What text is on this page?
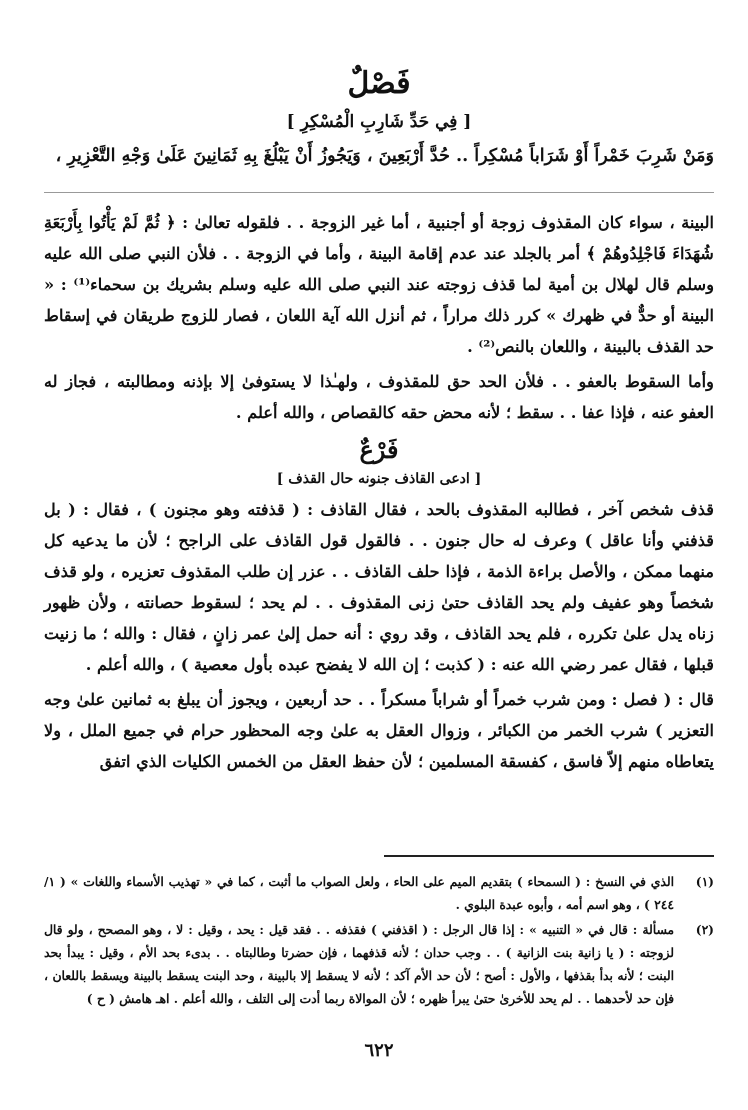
فَصْلٌ
[ فِي حَدِّ شَارِبِ الْمُسْكِرِ ]
وَمَنْ شَرِبَ خَمْراً أَوْ شَرَاباً مُسْكِراً .. حُدَّ أَرْبَعِينَ ، وَيَجُوزُ أَنْ يَبْلُغَ بِهِ ثَمَانِينَ عَلَىٰ وَجْهِ التَّعْزِيرِ ،
البينة ، سواء كان المقذوف زوجة أو أجنبية ، أما غير الزوجة . . فلقوله تعالىٰ : ﴿ ثُمَّ لَمْ يَأْتُوا بِأَرْبَعَةِ شُهَدَاءَ فَاجْلِدُوهُمْ ﴾ أمر بالجلد عند عدم إقامة البينة ، وأما في الزوجة . . فلأن النبي صلى الله عليه وسلم قال لهلال بن أمية لما قذف زوجته عند النبي صلى الله عليه وسلم بشريك بن سحماء⁽¹⁾ : « البينة أو حدٌّ في ظهرك » كرر ذلك مراراً ، ثم أنزل الله آية اللعان ، فصار للزوج طريقان في إسقاط حد القذف بالبينة ، واللعان بالنص⁽²⁾ .
وأما السقوط بالعفو . . فلأن الحد حق للمقذوف ، ولهـٰذا لا يستوفىٰ إلا بإذنه ومطالبته ، فجاز له العفو عنه ، فإذا عفا . . سقط ؛ لأنه محض حقه كالقصاص ، والله أعلم .
فَرْعٌ
[ ادعى القاذف جنونه حال القذف ]
قذف شخص آخر ، فطالبه المقذوف بالحد ، فقال القاذف : ( قذفته وهو مجنون ) ، فقال : ( بل قذفني وأنا عاقل ) وعرف له حال جنون . . فالقول قول القاذف على الراجح ؛ لأن ما يدعيه كل منهما ممكن ، والأصل براءة الذمة ، فإذا حلف القاذف . . عزر إن طلب المقذوف تعزيره ، ولو قذف شخصاً وهو عفيف ولم يحد القاذف حتىٰ زنى المقذوف . . لم يحد ؛ لسقوط حصانته ، ولأن ظهور زناه يدل علىٰ تكرره ، فلم يحد القاذف ، وقد روي : أنه حمل إلىٰ عمر زانٍ ، فقال : والله ؛ ما زنيت قبلها ، فقال عمر رضي الله عنه : ( كذبت ؛ إن الله لا يفضح عبده بأول معصية ) ، والله أعلم .
قال : ( فصل : ومن شرب خمراً أو شراباً مسكراً . . حد أربعين ، ويجوز أن يبلغ به ثمانين علىٰ وجه التعزير ) شرب الخمر من الكبائر ، وزوال العقل به علىٰ وجه المحظور حرام في جميع الملل ، ولا يتعاطاه منهم إلاّ فاسق ، كفسقة المسلمين ؛ لأن حفظ العقل من الخمس الكليات الذي اتفق
(١)
الذي في النسخ : ( السمحاء ) بتقديم الميم على الحاء ، ولعل الصواب ما أثبت ، كما في « تهذيب الأسماء واللغات » ( ١/ ٢٤٤ ) ، وهو اسم أمه ، وأبوه عبدة البلوي .
(٢)
مسألة : قال في « التنبيه » : إذا قال الرجل : ( اقذفني ) فقذفه . . فقد قيل : يحد ، وقيل : لا ، وهو المصحح ، ولو قال لزوجته : ( يا زانية بنت الزانية ) . . وجب حدان ؛ لأنه قذفهما ، فإن حضرتا وطالبتاه . . بدىء بحد الأم ، وقيل : يبدأ بحد البنت ؛ لأنه بدأ بقذفها ، والأول : أصح ؛ لأن حد الأم آكد ؛ لأنه لا يسقط إلا بالبينة ، وحد البنت يسقط بالبينة ويسقط باللعان ، فإن حد لأحدهما . . لم يحد للأخرىٰ حتىٰ يبرأ ظهره ؛ لأن الموالاة ربما أدت إلى التلف ، والله أعلم . اهـ هامش ( ح )
٦٢٢
